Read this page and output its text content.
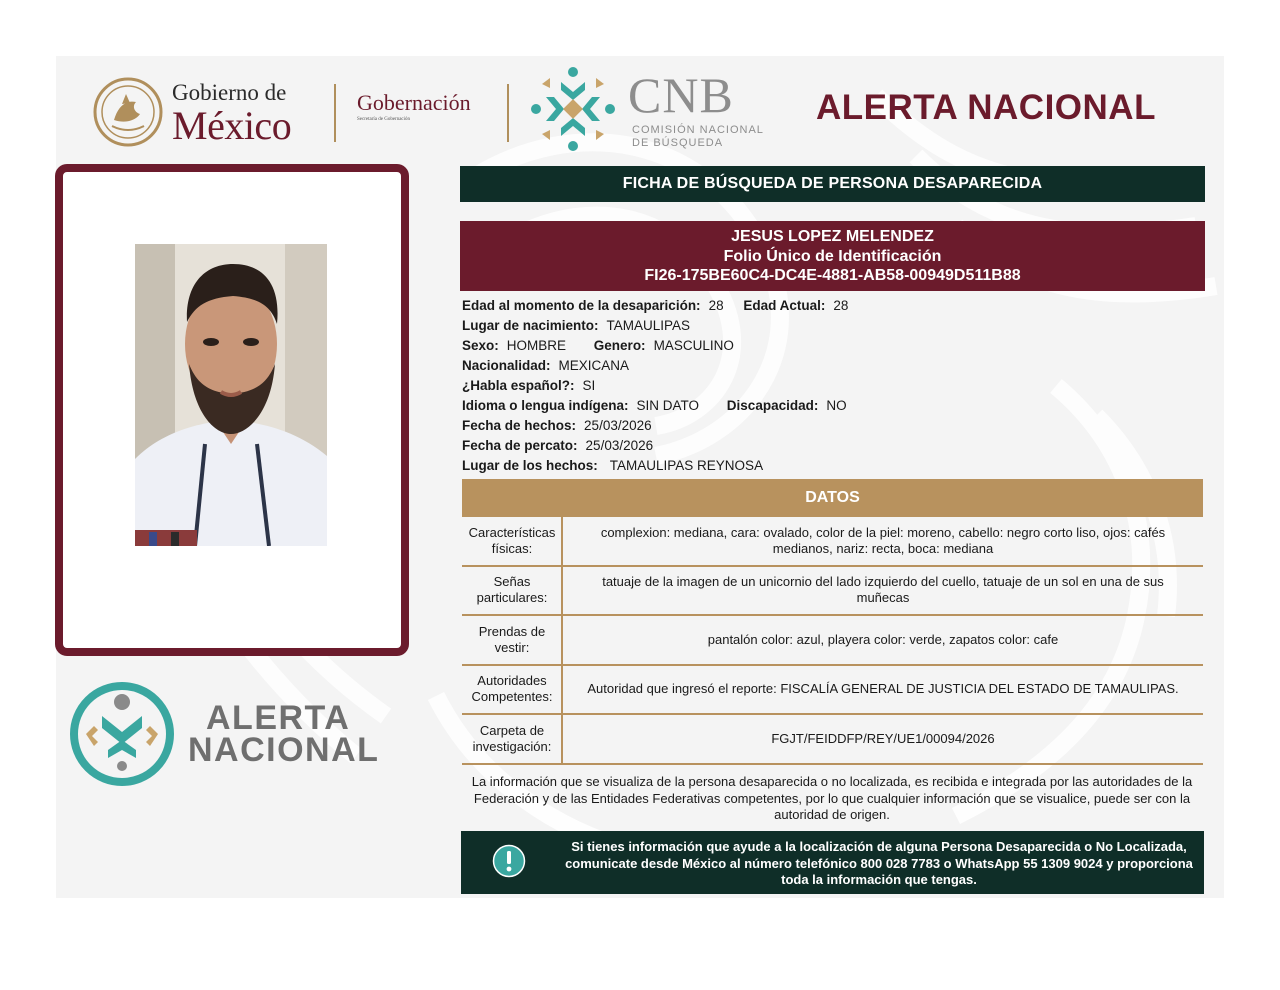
Gobierno de
México
Gobernación
Secretaría de Gobernación	CNB
COMISIÓN NACIONAL
DE BÚSQUEDA
ALERTA NACIONAL
ALERTA
NACIONAL
FICHA DE BÚSQUEDA DE PERSONA DESAPARECIDA
JESUS LOPEZ MELENDEZ
Folio Único de Identificación
FI26-175BE60C4-DC4E-4881-AB58-00949D511B88
Edad al momento de la desaparición: 28 Edad Actual: 28
Lugar de nacimiento: TAMAULIPAS
Sexo: HOMBRE Genero: MASCULINO
Nacionalidad: MEXICANA
¿Habla español?: SI
Idioma o lengua indígena: SIN DATO Discapacidad: NO
Fecha de hechos: 25/03/2026
Fecha de percato: 25/03/2026
Lugar de los hechos: TAMAULIPAS REYNOSA
DATOS
Características físicas:
complexion: mediana, cara: ovalado, color de la piel: moreno, cabello: negro corto liso, ojos: cafés medianos, nariz: recta, boca: mediana
Señas particulares:
tatuaje de la imagen de un unicornio del lado izquierdo del cuello, tatuaje de un sol en una de sus muñecas
Prendas de vestir:
pantalón color: azul, playera color: verde, zapatos color: cafe
Autoridades Competentes:
Autoridad que ingresó el reporte: FISCALÍA GENERAL DE JUSTICIA DEL ESTADO DE TAMAULIPAS.
Carpeta de investigación:
FGJT/FEIDDFP/REY/UE1/00094/2026
La información que se visualiza de la persona desaparecida o no localizada, es recibida e integrada por las autoridades de la Federación y de las Entidades Federativas competentes, por lo que cualquier información que se visualice, puede ser con la autoridad de origen.
Si tienes información que ayude a la localización de alguna Persona Desaparecida o No Localizada, comunicate desde México al número telefónico 800 028 7783 o WhatsApp 55 1309 9024 y proporciona toda la información que tengas.
